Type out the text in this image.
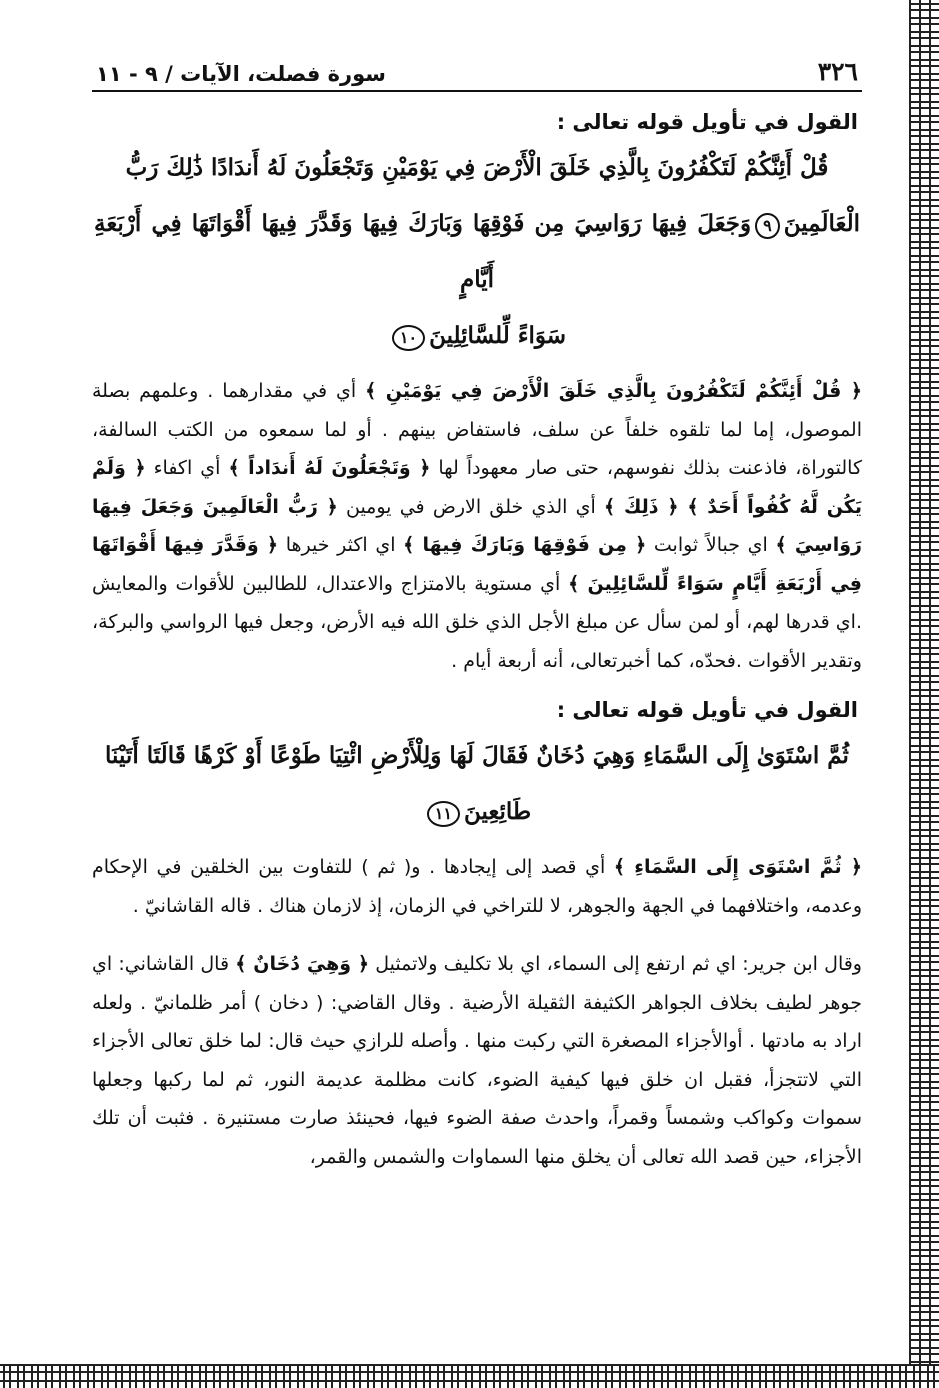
٣٢٦
سورة فصلت، الآيات / ٩ - ١١
القول في تأويل قوله تعالى :

قُلْ أَئِنَّكُمْ لَتَكْفُرُونَ بِالَّذِي خَلَقَ الْأَرْضَ فِي يَوْمَيْنِ وَتَجْعَلُونَ لَهُ أَندَادًا ذَٰلِكَ رَبُّ

الْعَالَمِينَ٩وَجَعَلَ فِيهَا رَوَاسِيَ مِن فَوْقِهَا وَبَارَكَ فِيهَا وَقَدَّرَ فِيهَا أَقْوَاتَهَا فِي أَرْبَعَةِ أَيَّامٍ

سَوَاءً لِّلسَّائِلِينَ١٠

﴿ قُلْ أَئِنَّكُمْ لَتَكْفُرُونَ بِالَّذِي خَلَقَ الْأَرْضَ فِي يَوْمَيْنِ ﴾ أي في مقدارهما . وعلمهم بصلة الموصول، إما لما تلقوه خلفاً عن سلف، فاستفاض بينهم . أو لما سمعوه من الكتب السالفة، كالتوراة، فاذعنت بذلك نفوسهم، حتى صار معهوداً لها ﴿ وَتَجْعَلُونَ لَهُ أَندَاداً ﴾ أي اكفاء ﴿ وَلَمْ يَكُن لَّهُ كُفُواً أَحَدٌ ﴾ ﴿ ذَلِكَ ﴾ أي الذي خلق الارض في يومين ﴿ رَبُّ الْعَالَمِينَ وَجَعَلَ فِيهَا رَوَاسِيَ ﴾ اي جبالاً ثوابت ﴿ مِن فَوْقِهَا وَبَارَكَ فِيهَا ﴾ اي اكثر خيرها ﴿ وَقَدَّرَ فِيهَا أَقْوَاتَهَا فِي أَرْبَعَةِ أَيَّامٍ سَوَاءً لِّلسَّائِلِينَ ﴾ أي مستوية بالامتزاج والاعتدال، للطالبين للأقوات والمعايش .اي قدرها لهم، أو لمن سأل عن مبلغ الأجل الذي خلق الله فيه الأرض، وجعل فيها الرواسي والبركة، وتقدير الأقوات .فحدّه، كما أخبرتعالى، أنه أربعة أيام .

القول في تأويل قوله تعالى :

ثُمَّ اسْتَوَىٰ إِلَى السَّمَاءِ وَهِيَ دُخَانٌ فَقَالَ لَهَا وَلِلْأَرْضِ ائْتِيَا طَوْعًا أَوْ كَرْهًا قَالَتَا أَتَيْنَا

طَائِعِينَ١١

﴿ ثُمَّ اسْتَوَى إِلَى السَّمَاءِ ﴾ أي قصد إلى إيجادها . و( ثم ) للتفاوت بين الخلقين في الإحكام وعدمه، واختلافهما في الجهة والجوهر، لا للتراخي في الزمان، إذ لازمان هناك . قاله القاشانيّ .

وقال ابن جرير: اي ثم ارتفع إلى السماء، اي بلا تكليف ولاتمثيل ﴿ وَهِيَ دُخَانٌ ﴾ قال القاشاني: اي جوهر لطيف بخلاف الجواهر الكثيفة الثقيلة الأرضية . وقال القاضي: ( دخان ) أمر ظلمانيّ . ولعله اراد به مادتها . أوالأجزاء المصغرة التي ركبت منها . وأصله للرازي حيث قال: لما خلق تعالى الأجزاء التي لاتتجزأ، فقبل ان خلق فيها كيفية الضوء، كانت مظلمة عديمة النور، ثم لما ركبها وجعلها سموات وكواكب وشمساً وقمراً، واحدث صفة الضوء فيها، فحينئذ صارت مستنيرة . فثبت أن تلك الأجزاء، حين قصد الله تعالى أن يخلق منها السماوات والشمس والقمر،
